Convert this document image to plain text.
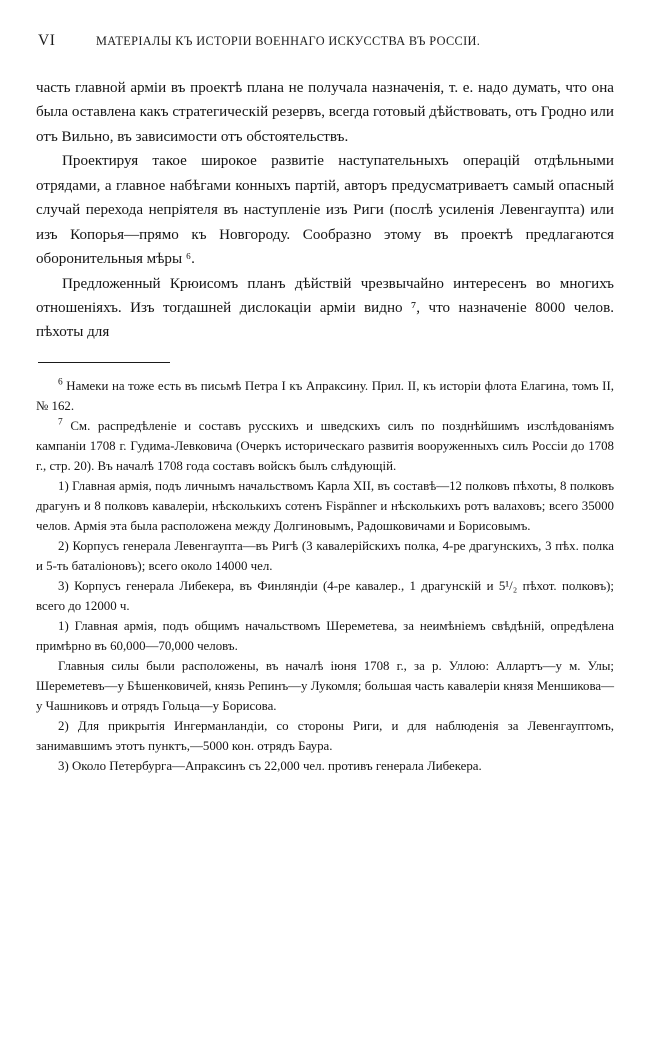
VI	МАТЕРІАЛЫ КЪ ИСТОРІИ ВОЕННАГО ИСКУССТВА ВЪ РОССІИ.

часть главной арміи въ проектѣ плана не получала назначенія, т. е. надо думать, что она была оставлена какъ стратегическій резервъ, всегда готовый дѣйствовать, отъ Гродно или отъ Вильно, въ зависимости отъ обстоятельствъ.

Проектируя такое широкое развитіе наступательныхъ операцій отдѣльными отрядами, а главное набѣгами конныхъ партій, авторъ предусматриваетъ самый опасный случай перехода непріятеля въ наступленіе изъ Риги (послѣ усиленія Левенгаупта) или изъ Копорья—прямо къ Новгороду. Сообразно этому въ проектѣ предлагаются оборонительныя мѣры ⁶.

Предложенный Крюисомъ планъ дѣйствій чрезвычайно интересенъ во многихъ отношеніяхъ. Изъ тогдашней дислокаціи арміи видно ⁷, что назначеніе 8000 челов. пѣхоты для

$^6$ Намеки на тоже есть въ письмѣ Петра I къ Апраксину. Прил. II, къ исторіи флота Елагина, томъ II, № 162.

$^7$ См. распредѣленіе и составъ русскихъ и шведскихъ силъ по позднѣйшимъ изслѣдованіямъ кампаніи 1708 г. Гудима-Левковича (Очеркъ историческаго развитія вооруженныхъ силъ Россіи до 1708 г., стр. 20). Въ началѣ 1708 года составъ войскъ былъ слѣдующій.

1) Главная армія, подъ личнымъ начальствомъ Карла XII, въ составѣ—12 полковъ пѣхоты, 8 полковъ драгунъ и 8 полковъ кавалеріи, нѣсколькихъ сотенъ Fispänner и нѣсколькихъ ротъ валаховъ; всего 35000 челов. Армія эта была расположена между Долгиновымъ, Радошковичами и Борисовымъ.

2) Корпусъ генерала Левенгаупта—въ Ригѣ (3 кавалерійскихъ полка, 4-ре драгунскихъ, 3 пѣх. полка и 5-ть баталіоновъ); всего около 14000 чел.

3) Корпусъ генерала Либекера, въ Финляндіи (4-ре кавалер., 1 драгунскій и 5¹/₂ пѣхот. полковъ); всего до 12000 ч.

1) Главная армія, подъ общимъ начальствомъ Шереметева, за неимѣніемъ свѣдѣній, опредѣлена примѣрно въ 60,000—70,000 человъ.

Главныя силы были расположены, въ началѣ іюня 1708 г., за р. Уллою: Аллартъ—у м. Улы; Шереметевъ—у Бѣшенковичей, князь Репинъ—у Лукомля; большая часть кавалеріи князя Меншикова—у Чашниковъ и отрядъ Гольца—у Борисова.

2) Для прикрытія Ингерманландіи, со стороны Риги, и для наблюденія за Левенгауптомъ, занимавшимъ этотъ пунктъ,—5000 кон. отрядъ Баура.

3) Около Петербурга—Апраксинъ съ 22,000 чел. противъ генерала Либекера.
